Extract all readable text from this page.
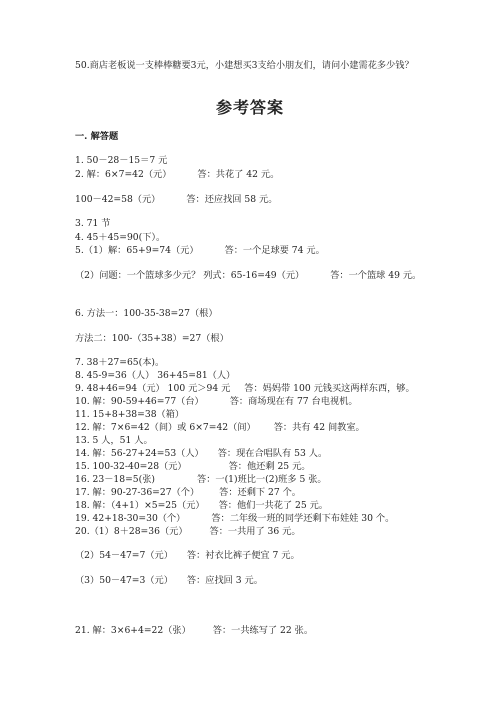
50.商店老板说一支棒棒糖要3元，小建想买3支给小朋友们，请问小建需花多少钱？
参考答案
一. 解答题
1. 50－28－15＝7 元
2. 解：6×7=42（元）	答：共花了 42 元。
100－42=58（元）	答：还应找回 58 元。
3. 71 节
4. 45＋45=90(下）。
5.（1）解：65+9=74（元）	答：一个足球要 74 元。
（2）问题：一个篮球多少元？ 列式：65-16=49（元）	答：一个篮球 49 元。
6. 方法一：100-35-38=27（根）
方法二：100-（35+38）=27（根）
7. 38＋27=65(本)。
8. 45-9=36（人） 36+45=81（人）
9. 48+46=94（元） 100 元＞94 元 答：妈妈带 100 元钱买这两样东西，够。
10. 解：90-59+46=77（台）	答：商场现在有 77 台电视机。
11. 15+8+38=38（箱）
12. 解：7×6=42（间）或 6×7=42（间） 答：共有 42 间教室。
13. 5 人，51 人。
14. 解：56-27+24=53（人） 答：现在合唱队有 53 人。
15. 100-32-40=28（元）	答：他还剩 25 元。
16. 23－18=5(张)	答：一(1)班比一(2)班多 5 张。
17. 解：90-27-36=27（个） 答：还剩下 27 个。
18. 解：（4+1）×5=25（元） 答：他们一共花了 25 元。
19. 42+18-30=30（个）	答：二年级一班的同学还剩下布娃娃 30 个。
20.（1）8＋28=36（元） 答：一共用了 36 元。
（2）54－47=7（元） 答：衬衣比裤子便宜 7 元。
（3）50－47=3（元） 答：应找回 3 元。
21. 解：3×6+4=22（张） 答：一共练写了 22 张。
